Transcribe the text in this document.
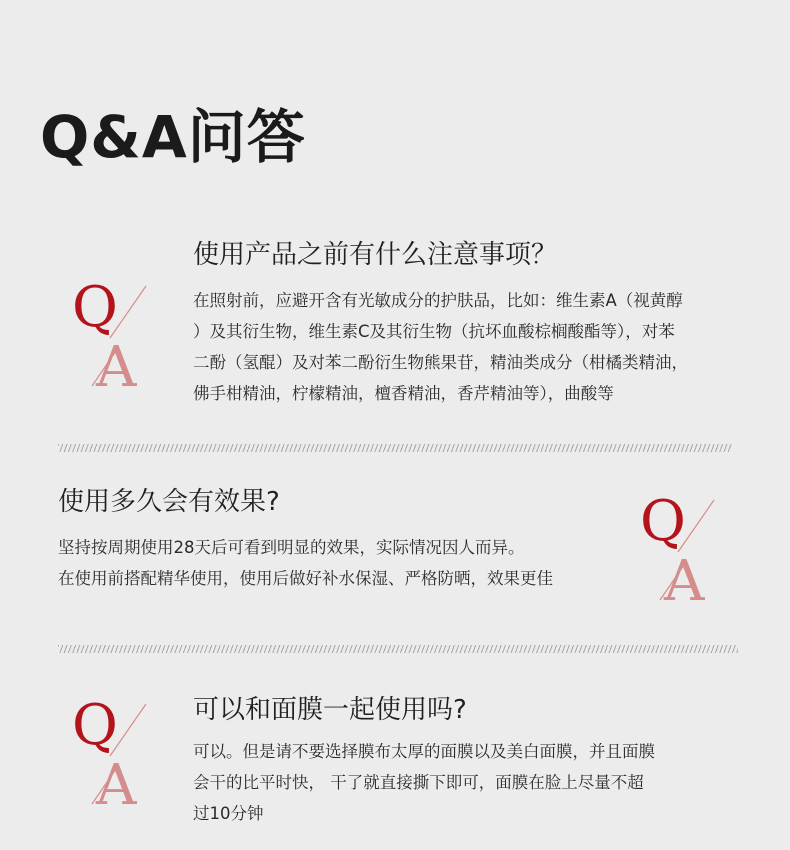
Q&A问答
Q
A
使用产品之前有什么注意事项？

在照射前，应避开含有光敏成分的护肤品，比如：维生素A（视黄醇
）及其衍生物，维生素C及其衍生物（抗坏血酸棕榈酸酯等），对苯
二酚（氢醌）及对苯二酚衍生物熊果苷，精油类成分（柑橘类精油，
佛手柑精油，柠檬精油，檀香精油，香芹精油等），曲酸等

使用多久会有效果?

坚持按周期使用28天后可看到明显的效果，实际情况因人而异。
在使用前搭配精华使用，使用后做好补水保湿、严格防晒，效果更佳

Q
A
Q
A
可以和面膜一起使用吗?

可以。但是请不要选择膜布太厚的面膜以及美白面膜，并且面膜
会干的比平时快， 干了就直接撕下即可，面膜在脸上尽量不超
过10分钟
